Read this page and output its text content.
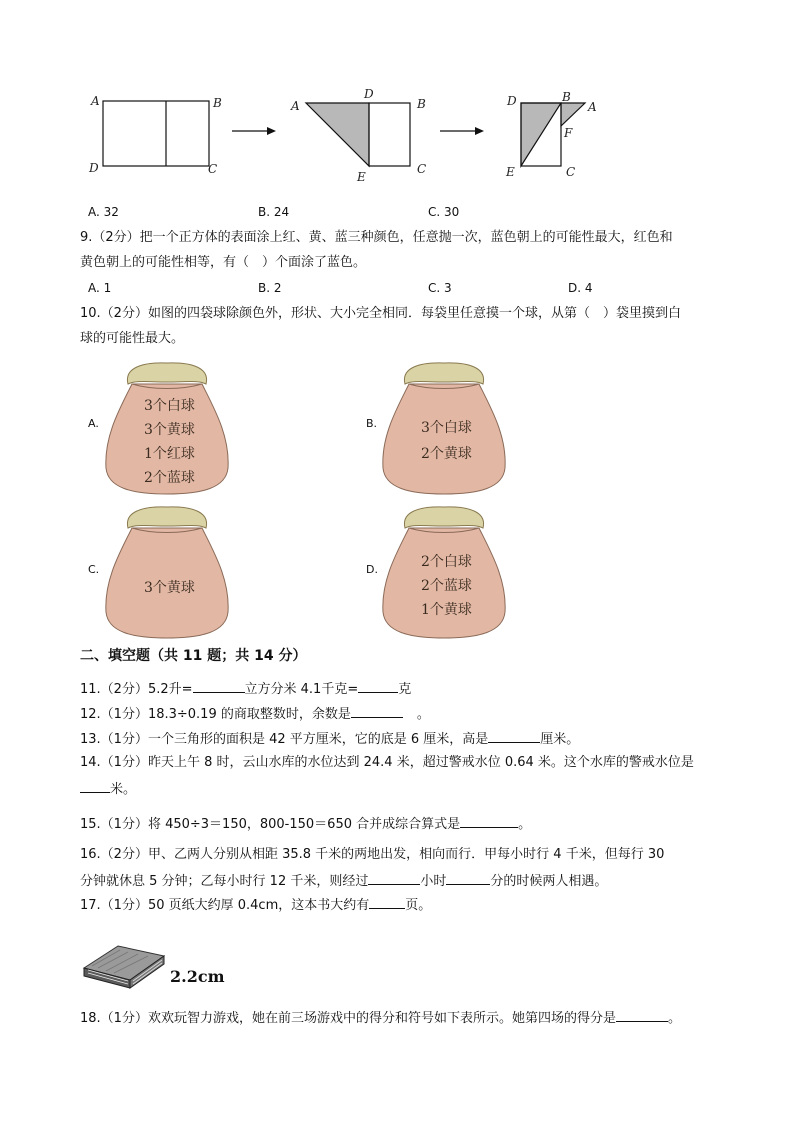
A	B
D	C
A
D
B
E
C
D	B
A
F
E	C
A. 32	B. 24	C. 30
9.（2分）把一个正方体的表面涂上红、黄、蓝三种颜色，任意抛一次，蓝色朝上的可能性最大，红色和
黄色朝上的可能性相等，有（　）个面涂了蓝色。
A. 1	B. 2	C. 3	D. 4
10.（2分）如图的四袋球除颜色外，形状、大小完全相同．每袋里任意摸一个球，从第（　）袋里摸到白
球的可能性最大。
A.	B.
C.	D.
3个白球
3个黄球
1个红球
2个蓝球
3个白球
2个黄球
3个黄球
2个白球
2个蓝球
1个黄球
二、填空题（共 11 题；共 14 分）
11.（2分）5.2升=	立方分米 4.1千克=	克
12.（1分）18.3÷0.19 的商取整数时，余数是	。
13.（1分）一个三角形的面积是 42 平方厘米，它的底是 6 厘米，高是	厘米。
14.（1分）昨天上午 8 时，云山水库的水位达到 24.4 米，超过警戒水位 0.64 米。这个水库的警戒水位是
米。
15.（1分）将 450÷3＝150，800-150＝650 合并成综合算式是	。
16.（2分）甲、乙两人分别从相距 35.8 千米的两地出发，相向而行．甲每小时行 4 千米，但每行 30
分钟就休息 5 分钟；乙每小时行 12 千米，则经过	小时	分的时候两人相遇。
17.（1分）50 页纸大约厚 0.4cm，这本书大约有	页。
2.2cm
18.（1分）欢欢玩智力游戏，她在前三场游戏中的得分和符号如下表所示。她第四场的得分是	。
